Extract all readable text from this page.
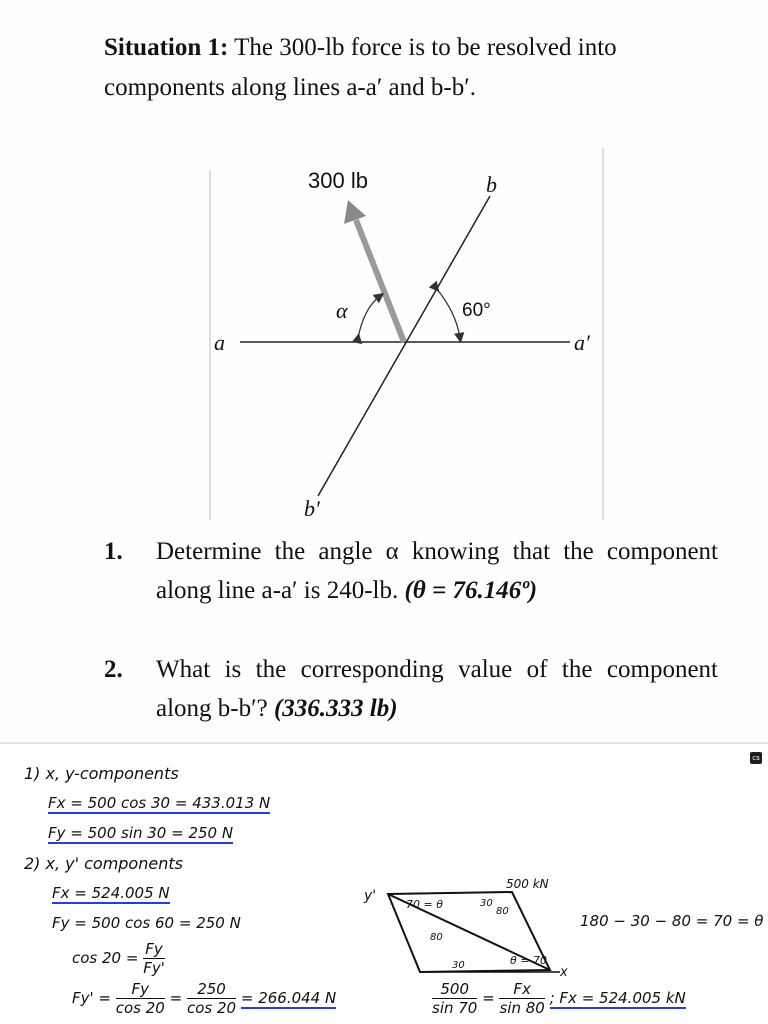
Situation 1: The 300-lb force is to be resolved into components along lines a-a′ and b-b′.
300 lb	b
α	60°
a	a′
b′
1. Determine the angle α knowing that the component along line a-a′ is 240-lb. (θ = 76.146º)
2. What is the corresponding value of the component along b-b′? (336.333 lb)
cs
1) x, y-components
Fx = 500 cos 30 = 433.013 N
Fy = 500 sin 30 = 250 N
2) x, y' components
Fx = 524.005 N
Fy = 500 cos 60 = 250 N
$\cos 20 = \frac{Fy}{Fy'}$
$Fy' = \frac{Fy}{\cos 20} = \frac{250}{\cos 20} = 266.044$ N
500 kN
y'
x
70 = θ	30
80
80
30	θ = 70
180 − 30 − 80 = 70 = θ
$\frac{500}{\sin 70} = \frac{Fx}{\sin 80}$ ; Fx = 524.005 kN
